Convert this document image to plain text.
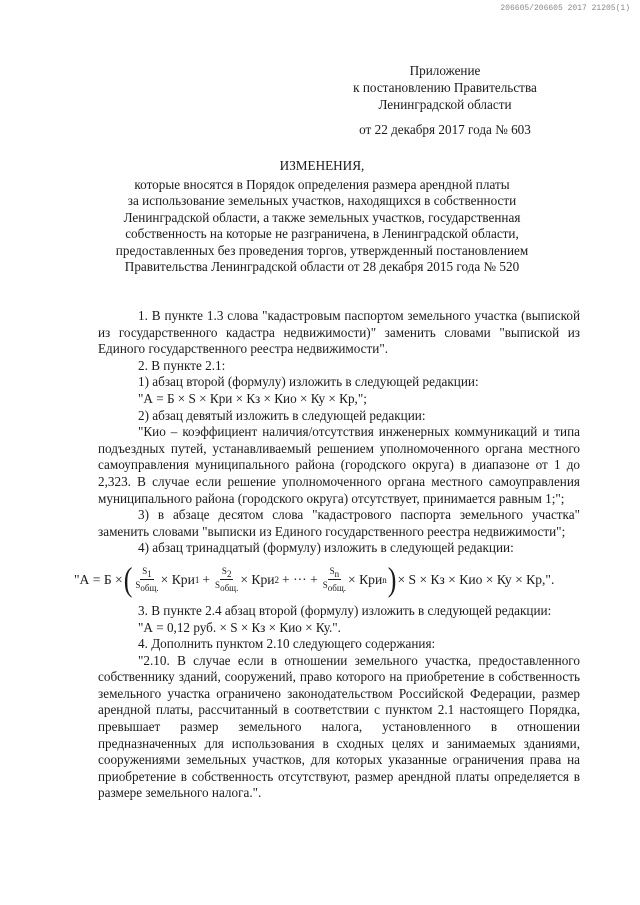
206605/206605 2017 21205(1)
Приложение
к постановлению Правительства
Ленинградской области
от 22 декабря 2017 года № 603
ИЗМЕНЕНИЯ,
которые вносятся в Порядок определения размера арендной платы
за использование земельных участков, находящихся в собственности
Ленинградской области, а также земельных участков, государственная
собственность на которые не разграничена, в Ленинградской области,
предоставленных без проведения торгов, утвержденный постановлением
Правительства Ленинградской области от 28 декабря 2015 года № 520

1. В пункте 1.3 слова "кадастровым паспортом земельного участка (выпиской из государственного кадастра недвижимости)" заменить словами "выпиской из Единого государственного реестра недвижимости".

2. В пункте 2.1:

1) абзац второй (формулу) изложить в следующей редакции:

"А = Б × S × Кри × Кз × Кио × Ку × Кр,";

2) абзац девятый изложить в следующей редакции:

"Кио – коэффициент наличия/отсутствия инженерных коммуникаций и типа подъездных путей, устанавливаемый решением уполномоченного органа местного самоуправления муниципального района (городского округа) в диапазоне от 1 до 2,323. В случае если решение уполномоченного органа местного самоуправления муниципального района (городского округа) отсутствует, принимается равным 1;";

3) в абзаце десятом слова "кадастрового паспорта земельного участка" заменить словами "выписки из Единого государственного реестра недвижимости";

4) абзац тринадцатый (формулу) изложить в следующей редакции:

"А = Б × ( $\frac{S1}{\text{Sобщ.}}$ × Кри $1 + \frac{S2}{\text{Sобщ.}}$ × Кри 2 + ··· + $\frac{Sn}{\text{Sобщ.}}$ × Кри n ) × S × Кз × Кио × Ку × Кр,".

3. В пункте 2.4 абзац второй (формулу) изложить в следующей редакции:

"А = 0,12 руб. × S × Кз × Кио × Ку.".

4. Дополнить пунктом 2.10 следующего содержания:

"2.10. В случае если в отношении земельного участка, предоставленного собственнику зданий, сооружений, право которого на приобретение в собственность земельного участка ограничено законодательством Российской Федерации, размер арендной платы, рассчитанный в соответствии с пунктом 2.1 настоящего Порядка, превышает размер земельного налога, установленного в отношении предназначенных для использования в сходных целях и занимаемых зданиями, сооружениями земельных участков, для которых указанные ограничения права на приобретение в собственность отсутствуют, размер арендной платы определяется в размере земельного налога.".
